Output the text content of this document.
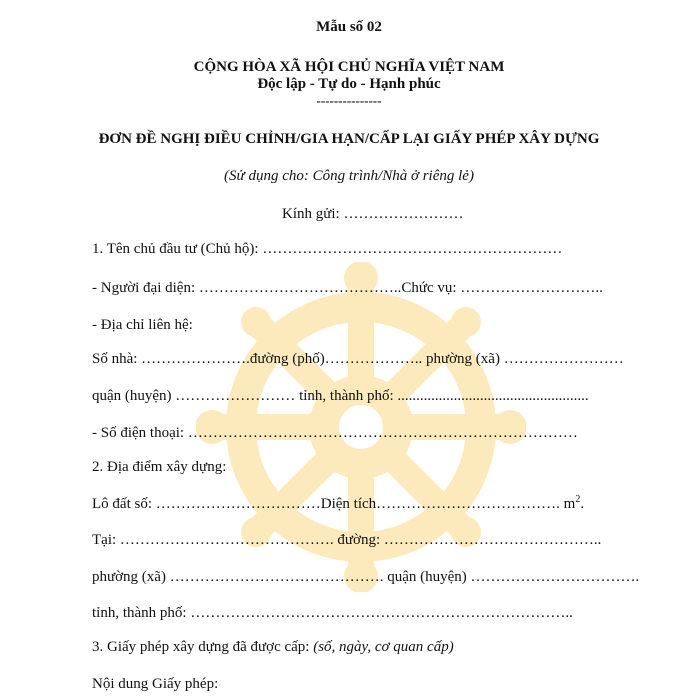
Mẫu số 02
CỘNG HÒA XÃ HỘI CHỦ NGHĨA VIỆT NAM
Độc lập - Tự do - Hạnh phúc
---------------
ĐƠN ĐỀ NGHỊ ĐIỀU CHỈNH/GIA HẠN/CẤP LẠI GIẤY PHÉP XÂY DỰNG
(Sử dụng cho: Công trình/Nhà ở riêng lẻ)
Kính gửi: ……………………
1. Tên chủ đầu tư (Chủ hộ): ……………………………………………………
- Người đại diện: …………………………………..Chức vụ: ………………………..
- Địa chỉ liên hệ:
Số nhà: ………………….đường (phố)……………….. phường (xã) ……………………
quận (huyện) …………………… tỉnh, thành phố: ...................................................
- Số điện thoại: ……………………………………………………………………
2. Địa điểm xây dựng:
Lô đất số: ……………………………Diện tích………………………………. $m^2$.
Tại: ……………………………………. đường: ……………………………………..
phường (xã) ……………………………………. quận (huyện) …………………………….
tỉnh, thành phố: …………………………………………………………………..
3. Giấy phép xây dựng đã được cấp: (số, ngày, cơ quan cấp)
Nội dung Giấy phép:
